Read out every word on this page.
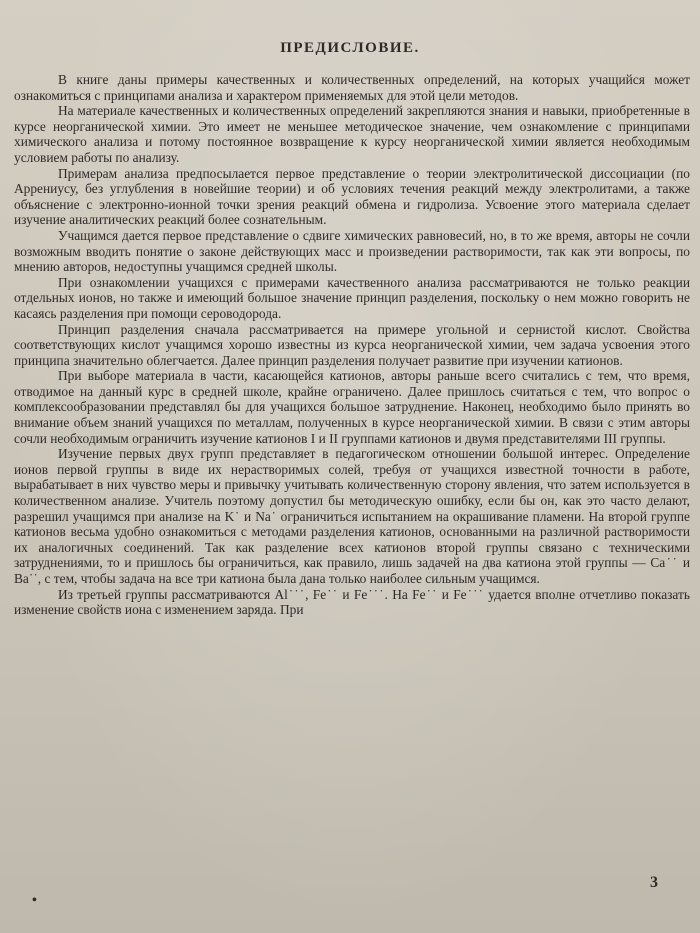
ПРЕДИСЛОВИЕ.

В книге даны примеры качественных и количественных определений, на которых учащийся может ознакомиться с принципами анализа и характером применяемых для этой цели методов.

На материале качественных и количественных определений закрепляются знания и навыки, приобретенные в курсе неорганической химии. Это имеет не меньшее методическое значение, чем ознакомление с принципами химического анализа и потому постоянное возвращение к курсу неорганической химии является необходимым условием работы по анализу.

Примерам анализа предпосылается первое представление о теории электролитической диссоциации (по Аррениусу, без углубления в новейшие теории) и об условиях течения реакций между электролитами, а также объяснение с электронно-ионной точки зрения реакций обмена и гидролиза. Усвоение этого материала сделает изучение аналитических реакций более сознательным.

Учащимся дается первое представление о сдвиге химических равновесий, но, в то же время, авторы не сочли возможным вводить понятие о законе действующих масс и произведении растворимости, так как эти вопросы, по мнению авторов, недоступны учащимся средней школы.

При ознакомлении учащихся с примерами качественного анализа рассматриваются не только реакции отдельных ионов, но также и имеющий большое значение принцип разделения, поскольку о нем можно говорить не касаясь разделения при помощи сероводорода.

Принцип разделения сначала рассматривается на примере угольной и сернистой кислот. Свойства соответствующих кислот учащимся хорошо известны из курса неорганической химии, чем задача усвоения этого принципа значительно облегчается. Далее принцип разделения получает развитие при изучении катионов.

При выборе материала в части, касающейся катионов, авторы раньше всего считались с тем, что время, отводимое на данный курс в средней школе, крайне ограничено. Далее пришлось считаться с тем, что вопрос о комплексообразовании представлял бы для учащихся большое затруднение. Наконец, необходимо было принять во внимание объем знаний учащихся по металлам, полученных в курсе неорганической химии. В связи с этим авторы сочли необходимым ограничить изучение катионов I и II группами катионов и двумя представителями III группы.

Изучение первых двух групп представляет в педагогическом отношении большой интерес. Определение ионов первой группы в виде их нерастворимых солей, требуя от учащихся известной точности в работе, вырабатывает в них чувство меры и привычку учитывать количественную сторону явления, что затем используется в количественном анализе. Учитель поэтому допустил бы методическую ошибку, если бы он, как это часто делают, разрешил учащимся при анализе на K˙ и Na˙ ограничиться испытанием на окрашивание пламени. На второй группе катионов весьма удобно ознакомиться с методами разделения катионов, основанными на различной растворимости их аналогичных соединений. Так как разделение всех катионов второй группы связано с техническими затруднениями, то и пришлось бы ограничиться, как правило, лишь задачей на два катиона этой группы — Ca˙˙ и Ba˙˙, с тем, чтобы задача на все три катиона была дана только наиболее сильным учащимся.

Из третьей группы рассматриваются Al˙˙˙, Fe˙˙ и Fe˙˙˙. На Fe˙˙ и Fe˙˙˙ удается вполне отчетливо показать изменение свойств иона с изменением заряда. При

•
3
